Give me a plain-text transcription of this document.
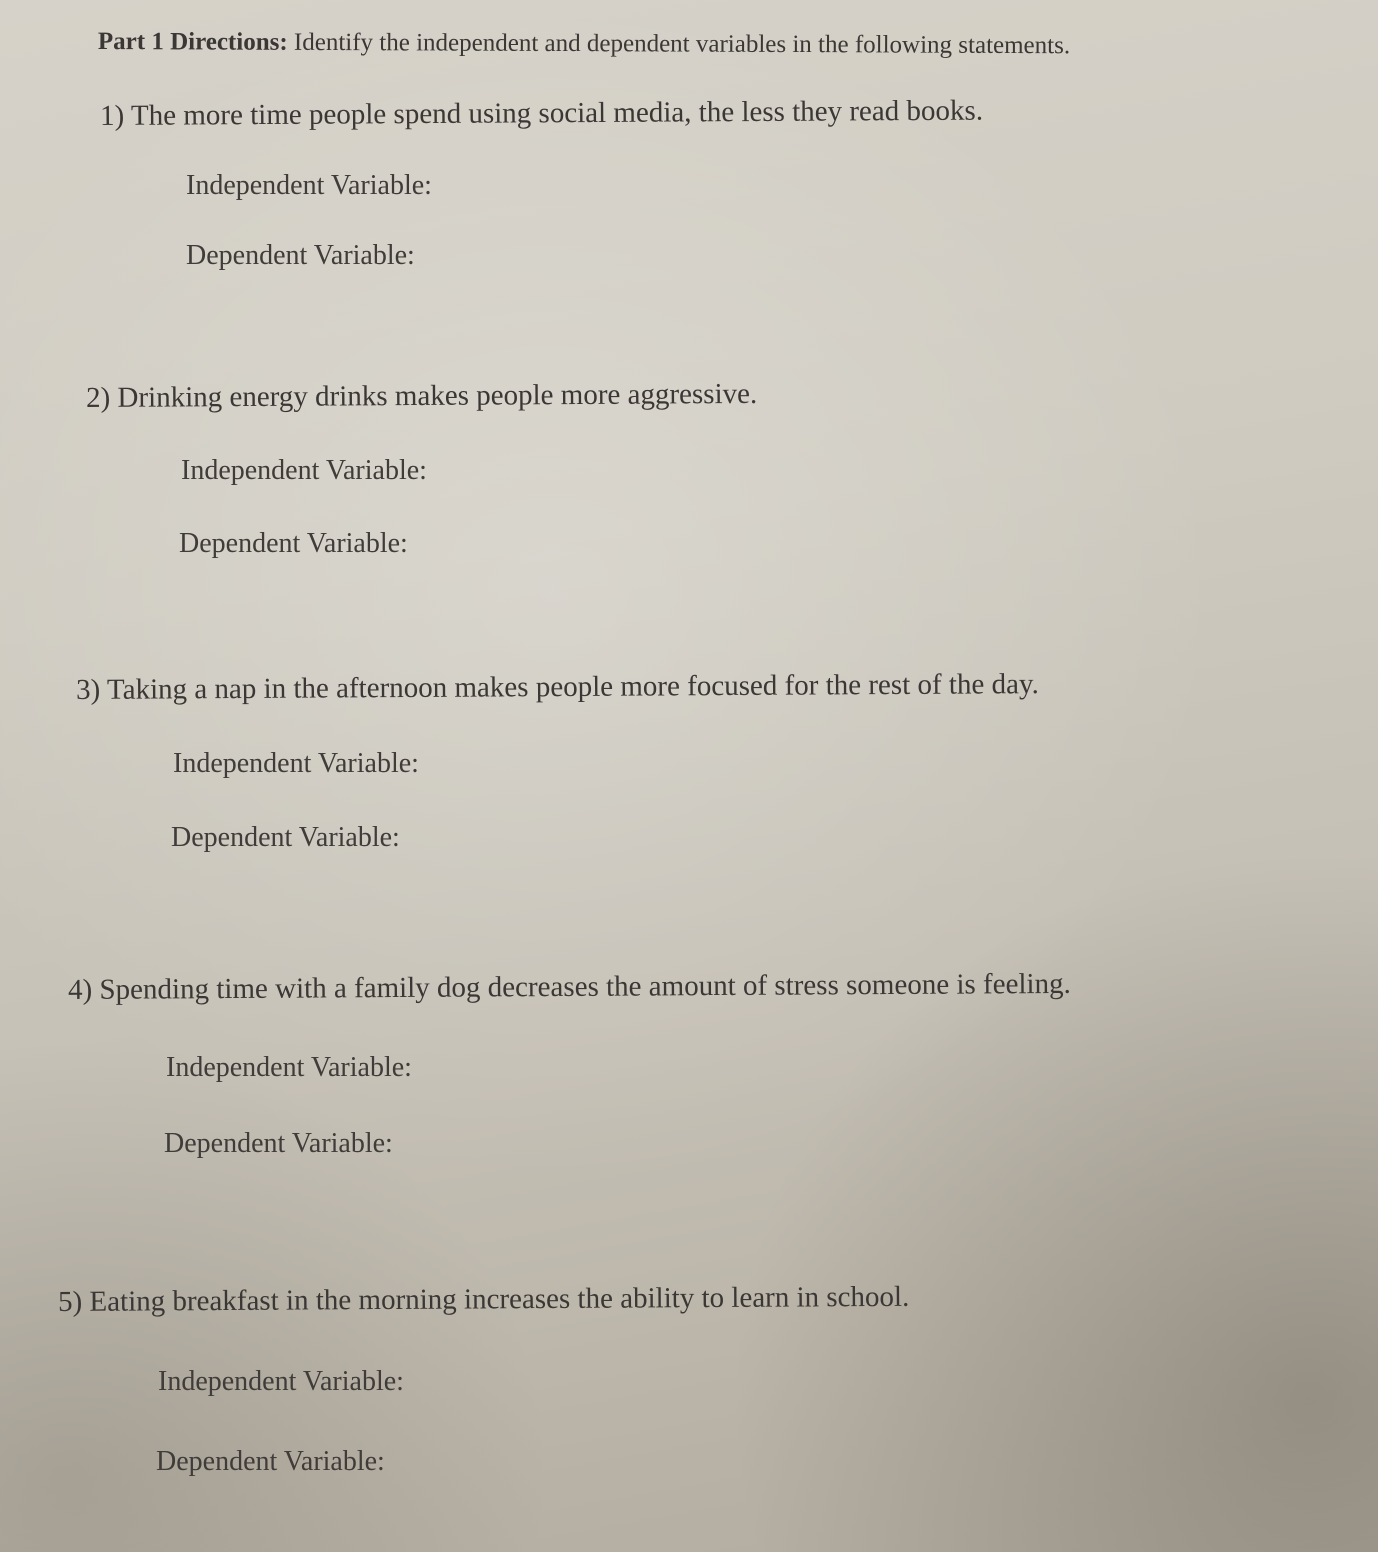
Part 1 Directions: Identify the independent and dependent variables in the following statements.
1) The more time people spend using social media, the less they read books.
Independent Variable:
Dependent Variable:
2) Drinking energy drinks makes people more aggressive.
Independent Variable:
Dependent Variable:
3) Taking a nap in the afternoon makes people more focused for the rest of the day.
Independent Variable:
Dependent Variable:
4) Spending time with a family dog decreases the amount of stress someone is feeling.
Independent Variable:
Dependent Variable:
5) Eating breakfast in the morning increases the ability to learn in school.
Independent Variable:
Dependent Variable:
